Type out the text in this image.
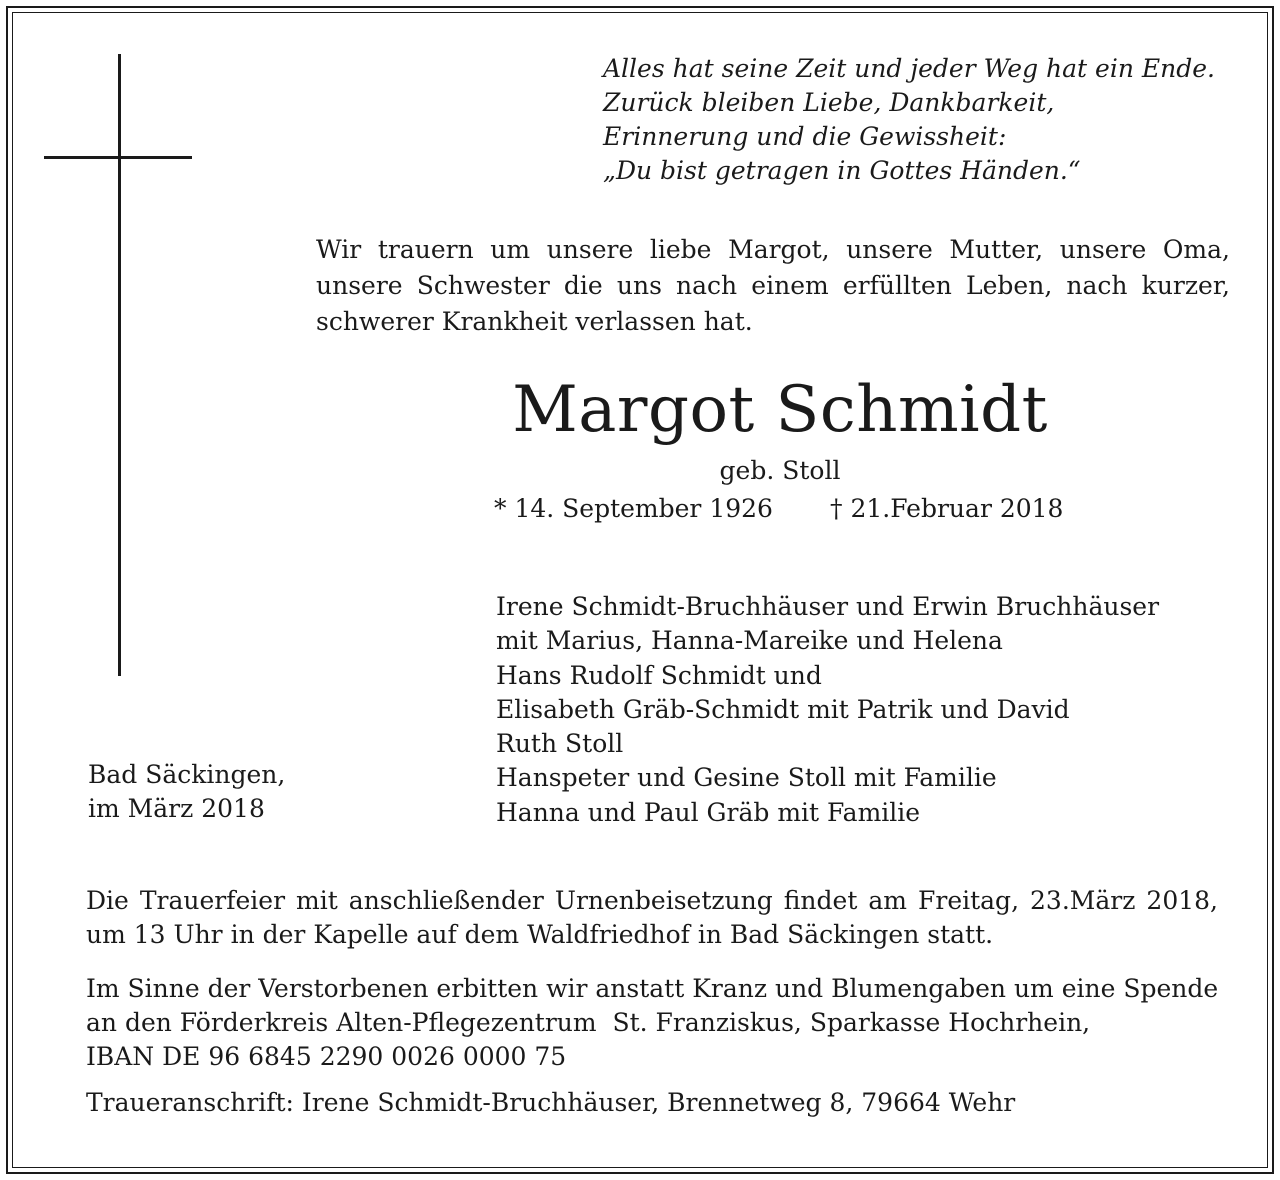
Alles hat seine Zeit und jeder Weg hat ein Ende.
Zurück bleiben Liebe, Dankbarkeit,
Erinnerung und die Gewissheit:
„Du bist getragen in Gottes Händen.“
Wir trauern um unsere liebe Margot, unsere Mutter, unsere Oma,
unsere Schwester die uns nach einem erfüllten Leben, nach kurzer,
schwerer Krankheit verlassen hat.
Margot Schmidt
geb. Stoll
* 14. September 1926 † 21.Februar 2018
Irene Schmidt-Bruchhäuser und Erwin Bruchhäuser
mit Marius, Hanna-Mareike und Helena
Hans Rudolf Schmidt und
Elisabeth Gräb-Schmidt mit Patrik und David
Ruth Stoll
Hanspeter und Gesine Stoll mit Familie
Hanna und Paul Gräb mit Familie
Bad Säckingen,
im März 2018
Die Trauerfeier mit anschließender Urnenbeisetzung findet am Freitag, 23.März 2018,
um 13 Uhr in der Kapelle auf dem Waldfriedhof in Bad Säckingen statt.
Im Sinne der Verstorbenen erbitten wir anstatt Kranz und Blumengaben um eine Spende
an den Förderkreis Alten-Pflegezentrum  St. Franziskus, Sparkasse Hochrhein,
IBAN DE 96 6845 2290 0026 0000 75
Traueranschrift: Irene Schmidt-Bruchhäuser, Brennetweg 8, 79664 Wehr
